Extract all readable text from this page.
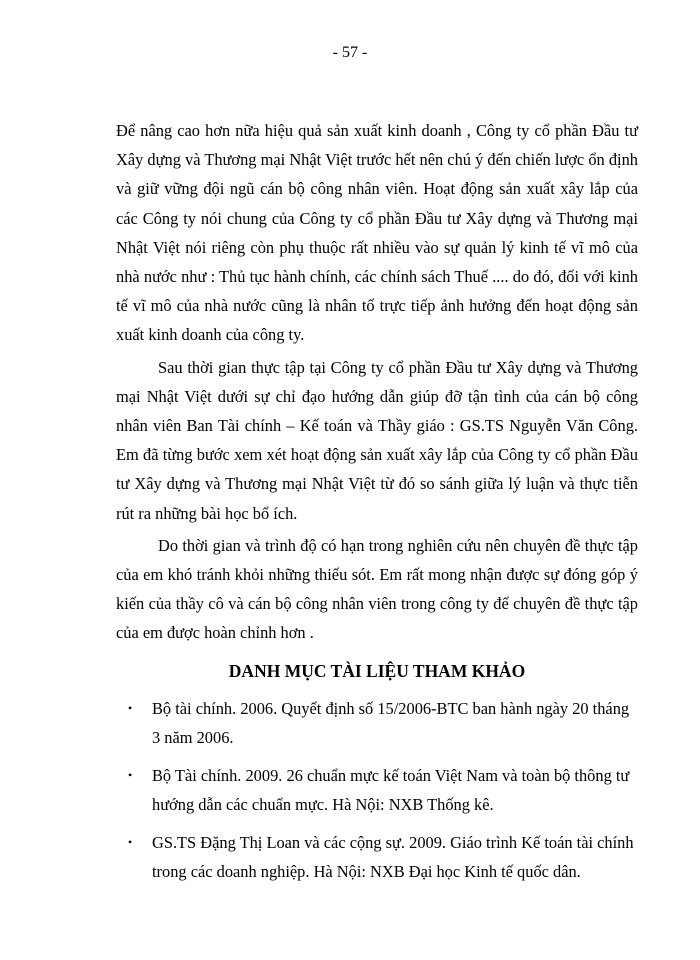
- 57 -

Để nâng cao hơn nữa hiệu quả sản xuất kinh doanh , Công ty cổ phần Đầu tư Xây dựng và Thương mại Nhật Việt trước hết nên chú ý đến chiến lược ổn định và giữ vững đội ngũ cán bộ công nhân viên. Hoạt động sản xuất xây lắp của các Công ty nói chung của Công ty cổ phần Đầu tư Xây dựng và Thương mại Nhật Việt nói riêng còn phụ thuộc rất nhiều vào sự quản lý kinh tế vĩ mô của nhà nước như : Thủ tục hành chính, các chính sách Thuế .... do đó, đối với kinh tế vĩ mô của nhà nước cũng là nhân tố trực tiếp ảnh hưởng đến hoạt động sản xuất kinh doanh của công ty.

Sau thời gian thực tập tại Công ty cổ phần Đầu tư Xây dựng và Thương mại Nhật Việt dưới sự chỉ đạo hướng dẫn giúp đỡ tận tình của cán bộ công nhân viên Ban Tài chính – Kế toán và Thầy giáo : GS.TS Nguyễn Văn Công. Em đã từng bước xem xét hoạt động sản xuất xây lắp của Công ty cổ phần Đầu tư Xây dựng và Thương mại Nhật Việt từ đó so sánh giữa lý luận và thực tiễn rút ra những bài học bổ ích.

Do thời gian và trình độ có hạn trong nghiên cứu nên chuyên đề thực tập của em khó tránh khỏi những thiếu sót. Em rất mong nhận được sự đóng góp ý kiến của thầy cô và cán bộ công nhân viên trong công ty để chuyên đề thực tập của em được hoàn chỉnh hơn .

DANH MỤC TÀI LIỆU THAM KHẢO
• Bộ tài chính. 2006. Quyết định số 15/2006-BTC ban hành ngày 20 tháng 3 năm 2006.
• Bộ Tài chính. 2009. 26 chuẩn mực kế toán Việt Nam và toàn bộ thông tư hướng dẫn các chuẩn mực. Hà Nội: NXB Thống kê.
• GS.TS Đặng Thị Loan và các cộng sự. 2009. Giáo trình Kế toán tài chính trong các doanh nghiệp. Hà Nội: NXB Đại học Kinh tế quốc dân.
